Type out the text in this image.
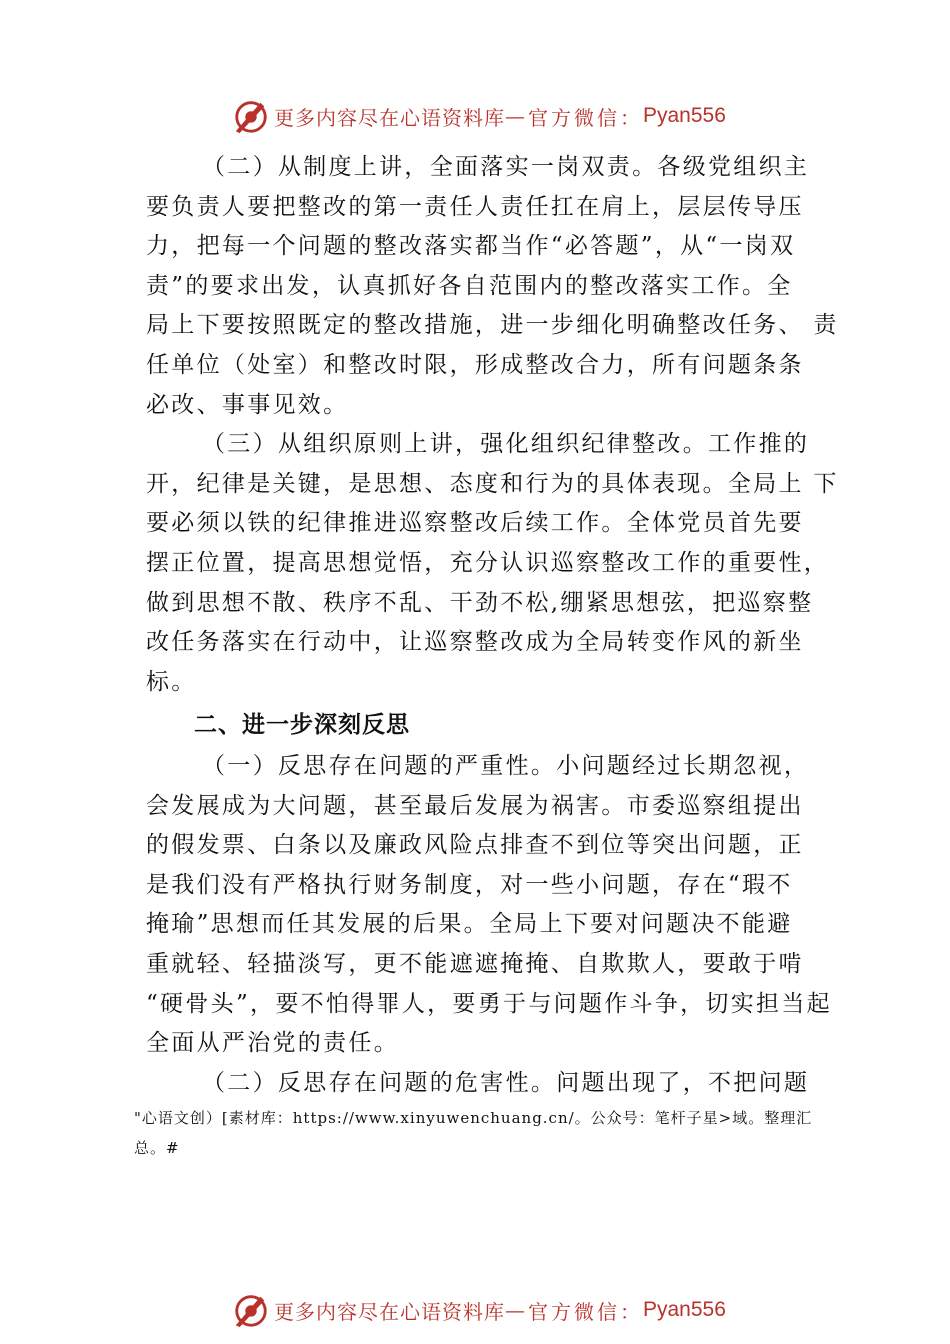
更多内容尽在心语资料库 — 官方微信： Pyan556
（二）从制度上讲，全面落实一岗双责。各级党组织主
要负责人要把整改的第一责任人责任扛在肩上，层层传导压
力，把每一个问题的整改落实都当作“必答题”，从“一岗双
责”的要求出发，认真抓好各自范围内的整改落实工作。全
局上下要按照既定的整改措施，进一步细化明确整改任务、 责
任单位（处室）和整改时限，形成整改合力，所有问题条条
必改、事事见效。
（三）从组织原则上讲，强化组织纪律整改。工作推的
开，纪律是关键，是思想、态度和行为的具体表现。全局上 下
要必须以铁的纪律推进巡察整改后续工作。全体党员首先要
摆正位置，提高思想觉悟，充分认识巡察整改工作的重要性，
做到思想不散、秩序不乱、干劲不松,绷紧思想弦，把巡察整
改任务落实在行动中，让巡察整改成为全局转变作风的新坐
标。
二、进一步深刻反思
（一）反思存在问题的严重性。小问题经过长期忽视，
会发展成为大问题，甚至最后发展为祸害。市委巡察组提出
的假发票、白条以及廉政风险点排查不到位等突出问题，正
是我们没有严格执行财务制度，对一些小问题，存在“瑕不
掩瑜”思想而任其发展的后果。全局上下要对问题决不能避
重就轻、轻描淡写，更不能遮遮掩掩、自欺欺人，要敢于啃
“硬骨头”，要不怕得罪人，要勇于与问题作斗争，切实担当起
全面从严治党的责任。
（二）反思存在问题的危害性。问题出现了，不把问题
"心语文创）[素材库：https://www.xinyuwenchuang.cn/。公众号：笔杆子星>域。整理汇
总。#
更多内容尽在心语资料库 — 官方微信： Pyan556
